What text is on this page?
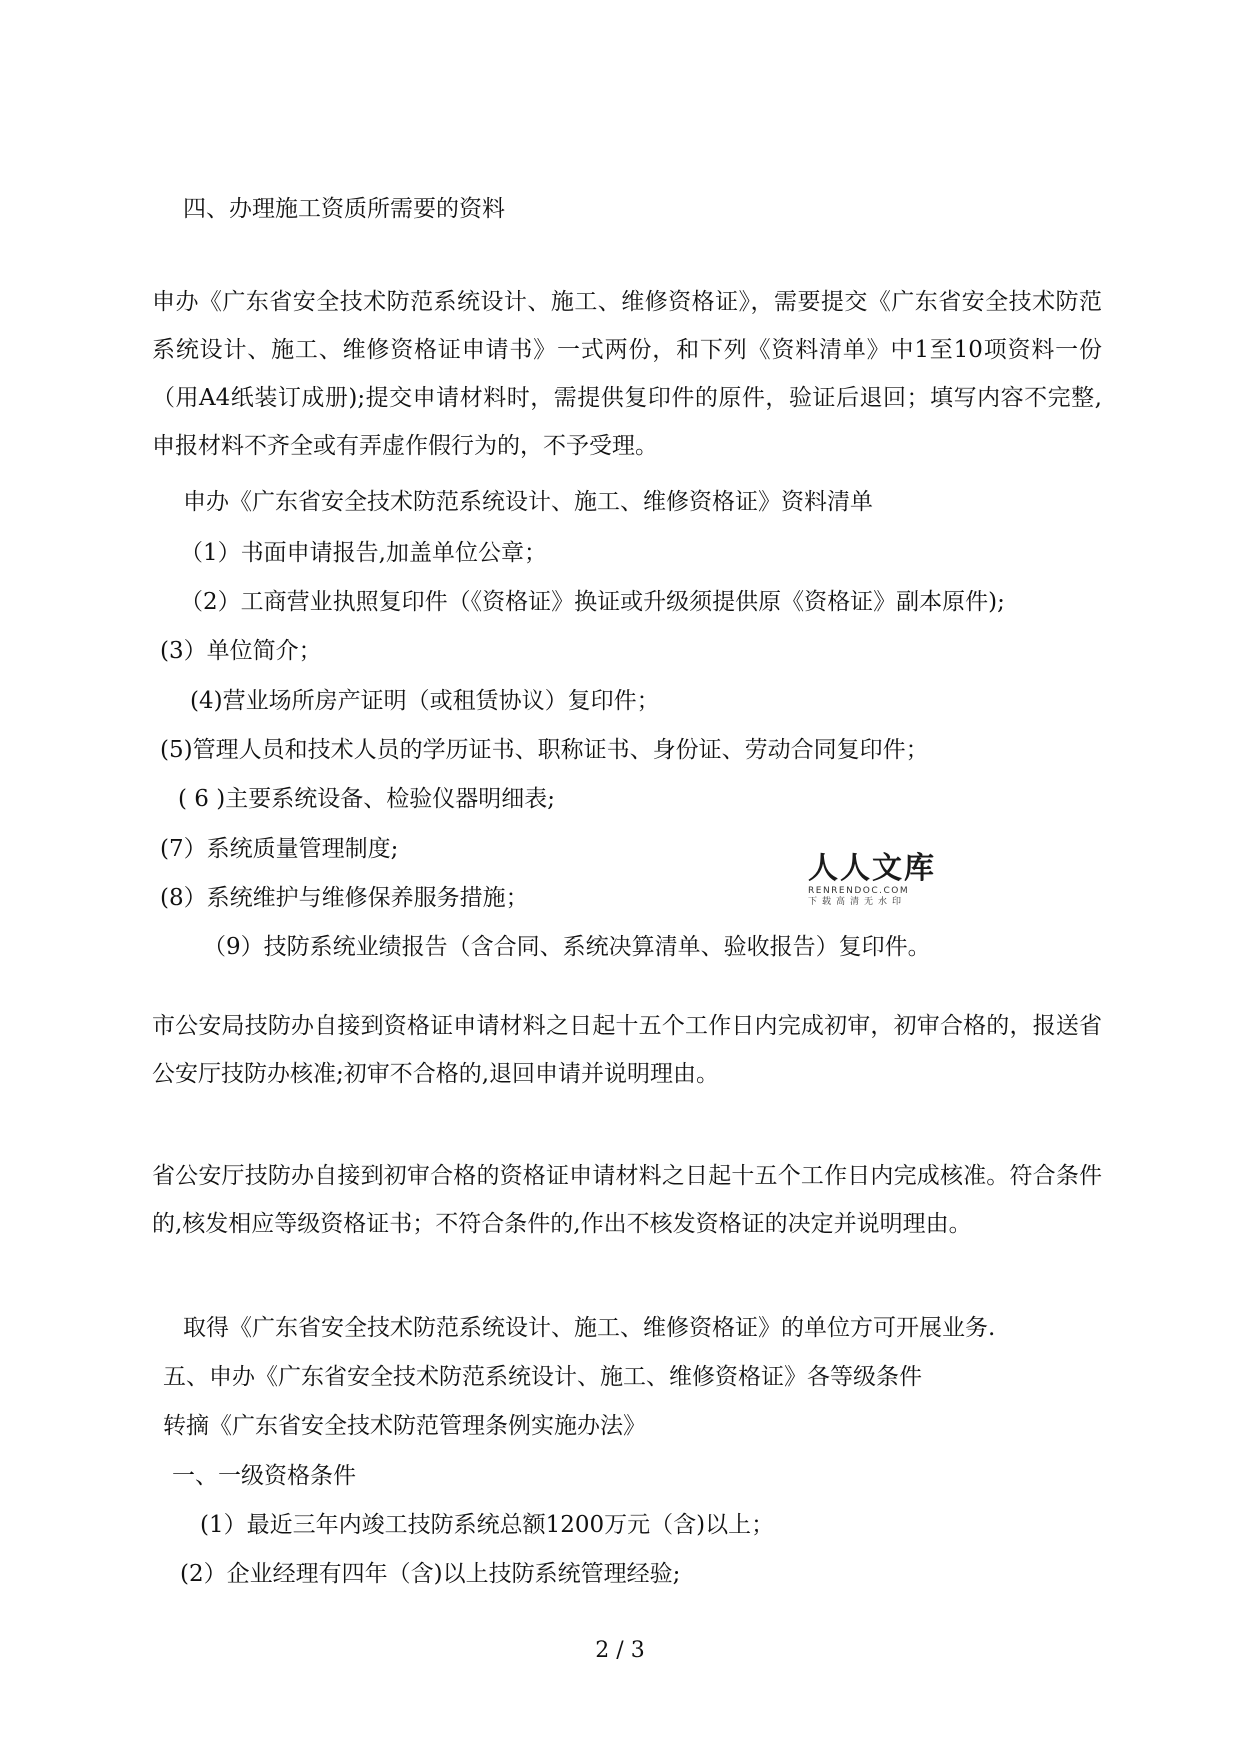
四、办理施工资质所需要的资料

申办《广东省安全技术防范系统设计、施工、维修资格证》，需要提交《广东省安全技术防范系统设计、施工、维修资格证申请书》一式两份，和下列《资料清单》中1至10项资料一份（用A4纸装订成册);提交申请材料时，需提供复印件的原件，验证后退回；填写内容不完整,申报材料不齐全或有弄虚作假行为的，不予受理。

申办《广东省安全技术防范系统设计、施工、维修资格证》资料清单

（1）书面申请报告,加盖单位公章；

（2）工商营业执照复印件（《资格证》换证或升级须提供原《资格证》副本原件);

(3）单位简介；

(4)营业场所房产证明（或租赁协议）复印件；

(5)管理人员和技术人员的学历证书、职称证书、身份证、劳动合同复印件；

( 6 )主要系统设备、检验仪器明细表;

(7）系统质量管理制度;

(8）系统维护与维修保养服务措施；

（9）技防系统业绩报告（含合同、系统决算清单、验收报告）复印件。

市公安局技防办自接到资格证申请材料之日起十五个工作日内完成初审，初审合格的，报送省公安厅技防办核准;初审不合格的,退回申请并说明理由。

省公安厅技防办自接到初审合格的资格证申请材料之日起十五个工作日内完成核准。符合条件的,核发相应等级资格证书；不符合条件的,作出不核发资格证的决定并说明理由。

取得《广东省安全技术防范系统设计、施工、维修资格证》的单位方可开展业务.

五、申办《广东省安全技术防范系统设计、施工、维修资格证》各等级条件

转摘《广东省安全技术防范管理条例实施办法》

一、一级资格条件

(1）最近三年内竣工技防系统总额1200万元（含)以上；

(2）企业经理有四年（含)以上技防系统管理经验;

人人文库
RENRENDOC.COM
下载高清无水印
2 / 3
